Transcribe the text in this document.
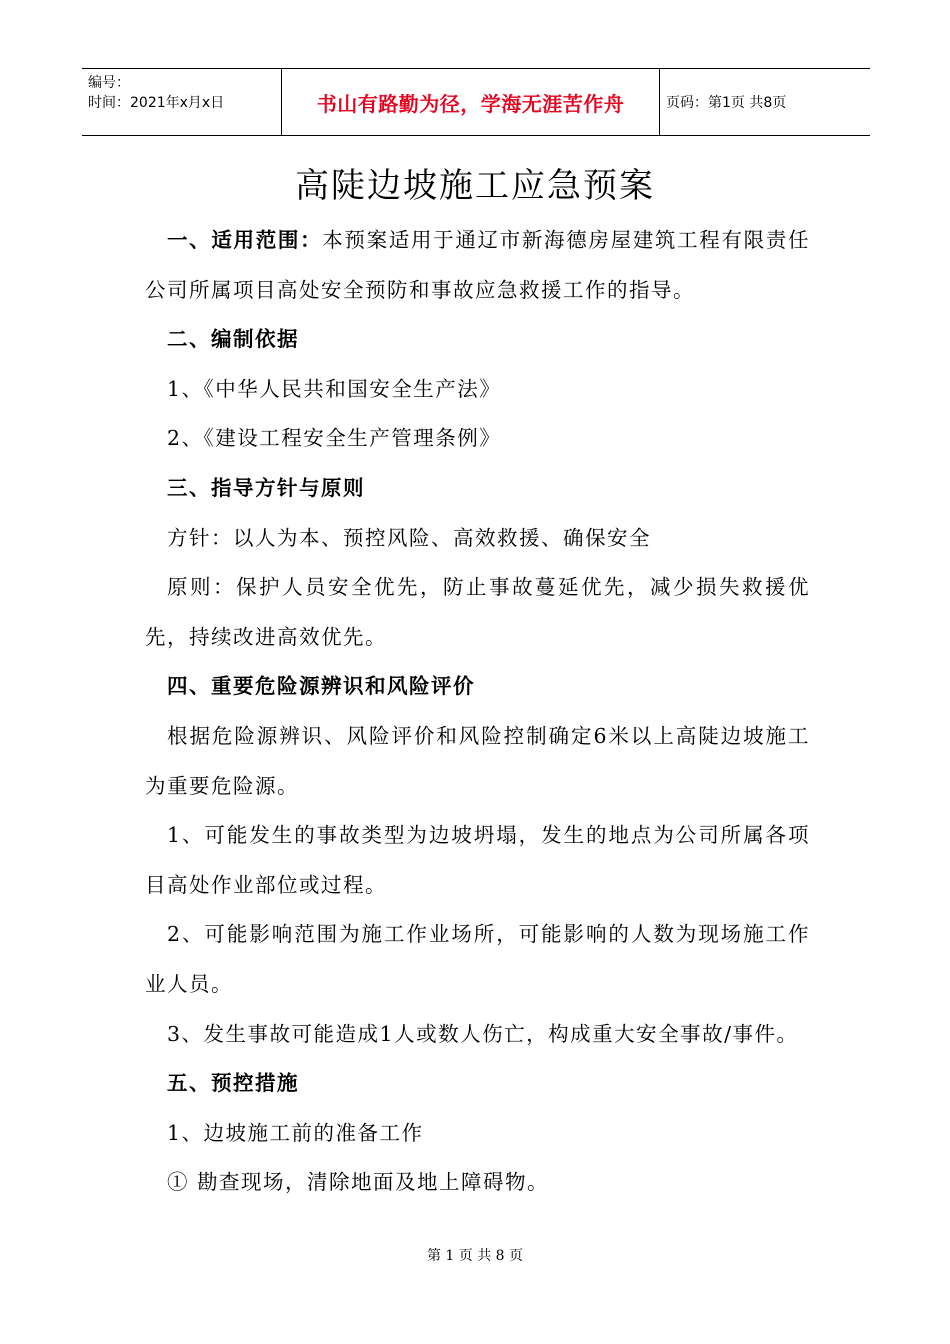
编号：
时间：2021年x月x日	书山有路勤为径，学海无涯苦作舟	页码：第1页 共8页
高陡边坡施工应急预案

一、适用范围：本预案适用于通辽市新海德房屋建筑工程有限责任公司所属项目高处安全预防和事故应急救援工作的指导。

二、编制依据

1、《中华人民共和国安全生产法》

2、《建设工程安全生产管理条例》

三、指导方针与原则

方针：以人为本、预控风险、高效救援、确保安全

原则：保护人员安全优先，防止事故蔓延优先，减少损失救援优先，持续改进高效优先。

四、重要危险源辨识和风险评价

根据危险源辨识、风险评价和风险控制确定6米以上高陡边坡施工为重要危险源。

1、可能发生的事故类型为边坡坍塌，发生的地点为公司所属各项目高处作业部位或过程。

2、可能影响范围为施工作业场所，可能影响的人数为现场施工作业人员。

3、发生事故可能造成1人或数人伤亡，构成重大安全事故/事件。

五、预控措施

1、边坡施工前的准备工作

① 勘查现场，清除地面及地上障碍物。

第 1 页 共 8 页
